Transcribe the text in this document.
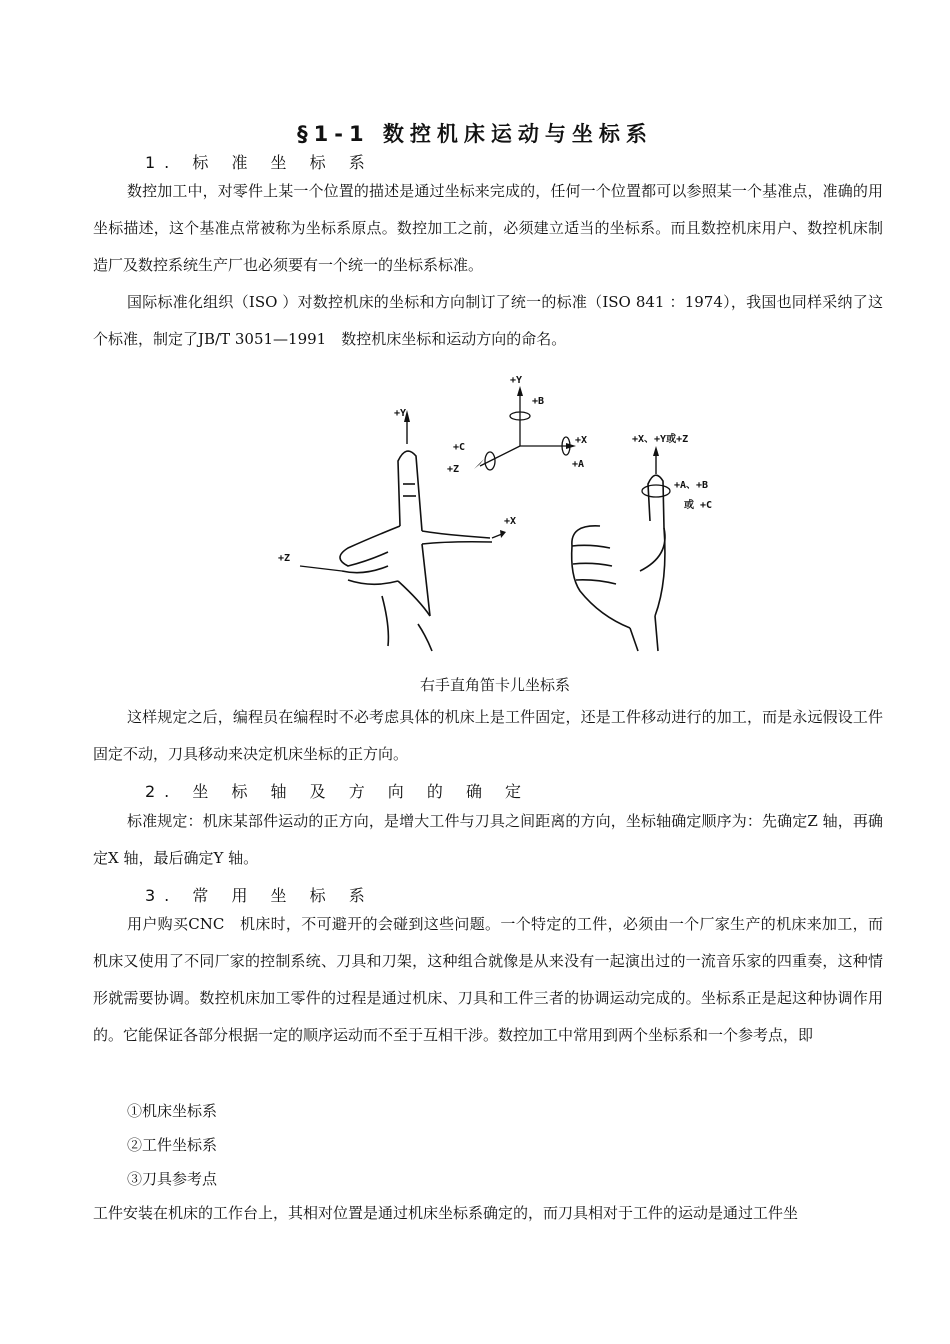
§1-1 数控机床运动与坐标系
1. 标 准 坐 标 系

数控加工中，对零件上某一个位置的描述是通过坐标来完成的，任何一个位置都可以参照某一个基准点，准确的用坐标描述，这个基准点常被称为坐标系原点。数控加工之前，必须建立适当的坐标系。而且数控机床用户、数控机床制造厂及数控系统生产厂也必须要有一个统一的坐标系标准。

国际标准化组织（ISO ）对数控机床的坐标和方向制订了统一的标准（ISO 841 ：1974），我国也同样采纳了这个标准，制定了JB/T 3051—1991　数控机床坐标和运动方向的命名。

+Y
+Z
+X
+Y
+B
+C
+Z
+X
+A
+X、+Y或+Z
+A、+B
或 +C
右手直角笛卡儿坐标系

这样规定之后，编程员在编程时不必考虑具体的机床上是工件固定，还是工件移动进行的加工，而是永远假设工件固定不动，刀具移动来决定机床坐标的正方向。

2. 坐 标 轴 及 方 向 的 确 定

标准规定：机床某部件运动的正方向，是增大工件与刀具之间距离的方向，坐标轴确定顺序为：先确定Z 轴，再确定X 轴，最后确定Y 轴。

3. 常 用 坐 标 系

用户购买CNC　机床时，不可避开的会碰到这些问题。一个特定的工件，必须由一个厂家生产的机床来加工，而机床又使用了不同厂家的控制系统、刀具和刀架，这种组合就像是从来没有一起演出过的一流音乐家的四重奏，这种情形就需要协调。数控机床加工零件的过程是通过机床、刀具和工件三者的协调运动完成的。坐标系正是起这种协调作用的。它能保证各部分根据一定的顺序运动而不至于互相干涉。数控加工中常用到两个坐标系和一个参考点，即

①机床坐标系
②工件坐标系
③刀具参考点
工件安装在机床的工作台上，其相对位置是通过机床坐标系确定的，而刀具相对于工件的运动是通过工件坐
